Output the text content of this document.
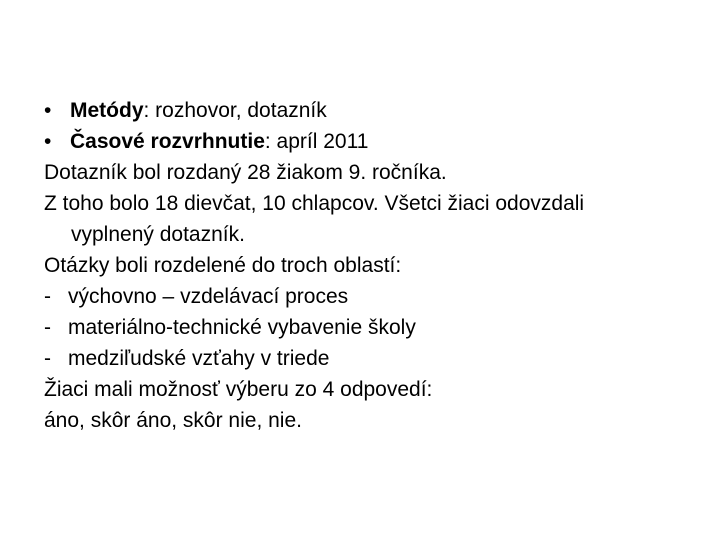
• Metódy: rozhovor, dotazník
• Časové rozvrhnutie: apríl 2011
Dotazník bol rozdaný 28 žiakom 9. ročníka.
Z toho bolo 18 dievčat, 10 chlapcov. Všetci žiaci odovzdali
vyplnený dotazník.
Otázky boli rozdelené do troch oblastí:
- výchovno – vzdelávací proces
- materiálno-technické vybavenie školy
- medziľudské vzťahy v triede
Žiaci mali možnosť výberu zo 4 odpovedí:
áno, skôr áno, skôr nie, nie.
